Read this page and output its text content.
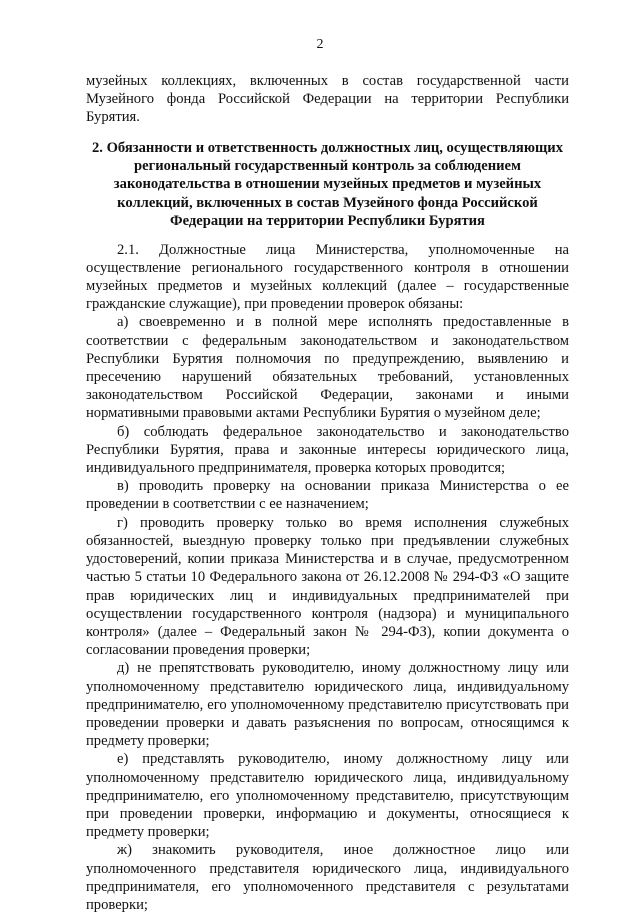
2

музейных коллекциях, включенных в состав государственной части Музейного фонда Российской Федерации на территории Республики Бурятия.

2. Обязанности и ответственность должностных лиц, осуществляющих региональный государственный контроль за соблюдением законодательства в отношении музейных предметов и музейных коллекций, включенных в состав Музейного фонда Российской Федерации на территории Республики Бурятия

2.1. Должностные лица Министерства, уполномоченные на осуществление регионального государственного контроля в отношении музейных предметов и музейных коллекций (далее – государственные гражданские служащие), при проведении проверок обязаны:

а) своевременно и в полной мере исполнять предоставленные в соответствии с федеральным законодательством и законодательством Республики Бурятия полномочия по предупреждению, выявлению и пресечению нарушений обязательных требований, установленных законодательством Российской Федерации, законами и иными нормативными правовыми актами Республики Бурятия о музейном деле;

б) соблюдать федеральное законодательство и законодательство Республики Бурятия, права и законные интересы юридического лица, индивидуального предпринимателя, проверка которых проводится;

в) проводить проверку на основании приказа Министерства о ее проведении в соответствии с ее назначением;

г) проводить проверку только во время исполнения служебных обязанностей, выездную проверку только при предъявлении служебных удостоверений, копии приказа Министерства и в случае, предусмотренном частью 5 статьи 10 Федерального закона от 26.12.2008 № 294-ФЗ «О защите прав юридических лиц и индивидуальных предпринимателей при осуществлении государственного контроля (надзора) и муниципального контроля» (далее – Федеральный закон № 294-ФЗ), копии документа о согласовании проведения проверки;

д) не препятствовать руководителю, иному должностному лицу или уполномоченному представителю юридического лица, индивидуальному предпринимателю, его уполномоченному представителю присутствовать при проведении проверки и давать разъяснения по вопросам, относящимся к предмету проверки;

е) представлять руководителю, иному должностному лицу или уполномоченному представителю юридического лица, индивидуальному предпринимателю, его уполномоченному представителю, присутствующим при проведении проверки, информацию и документы, относящиеся к предмету проверки;

ж) знакомить руководителя, иное должностное лицо или уполномоченного представителя юридического лица, индивидуального предпринимателя, его уполномоченного представителя с результатами проверки;
